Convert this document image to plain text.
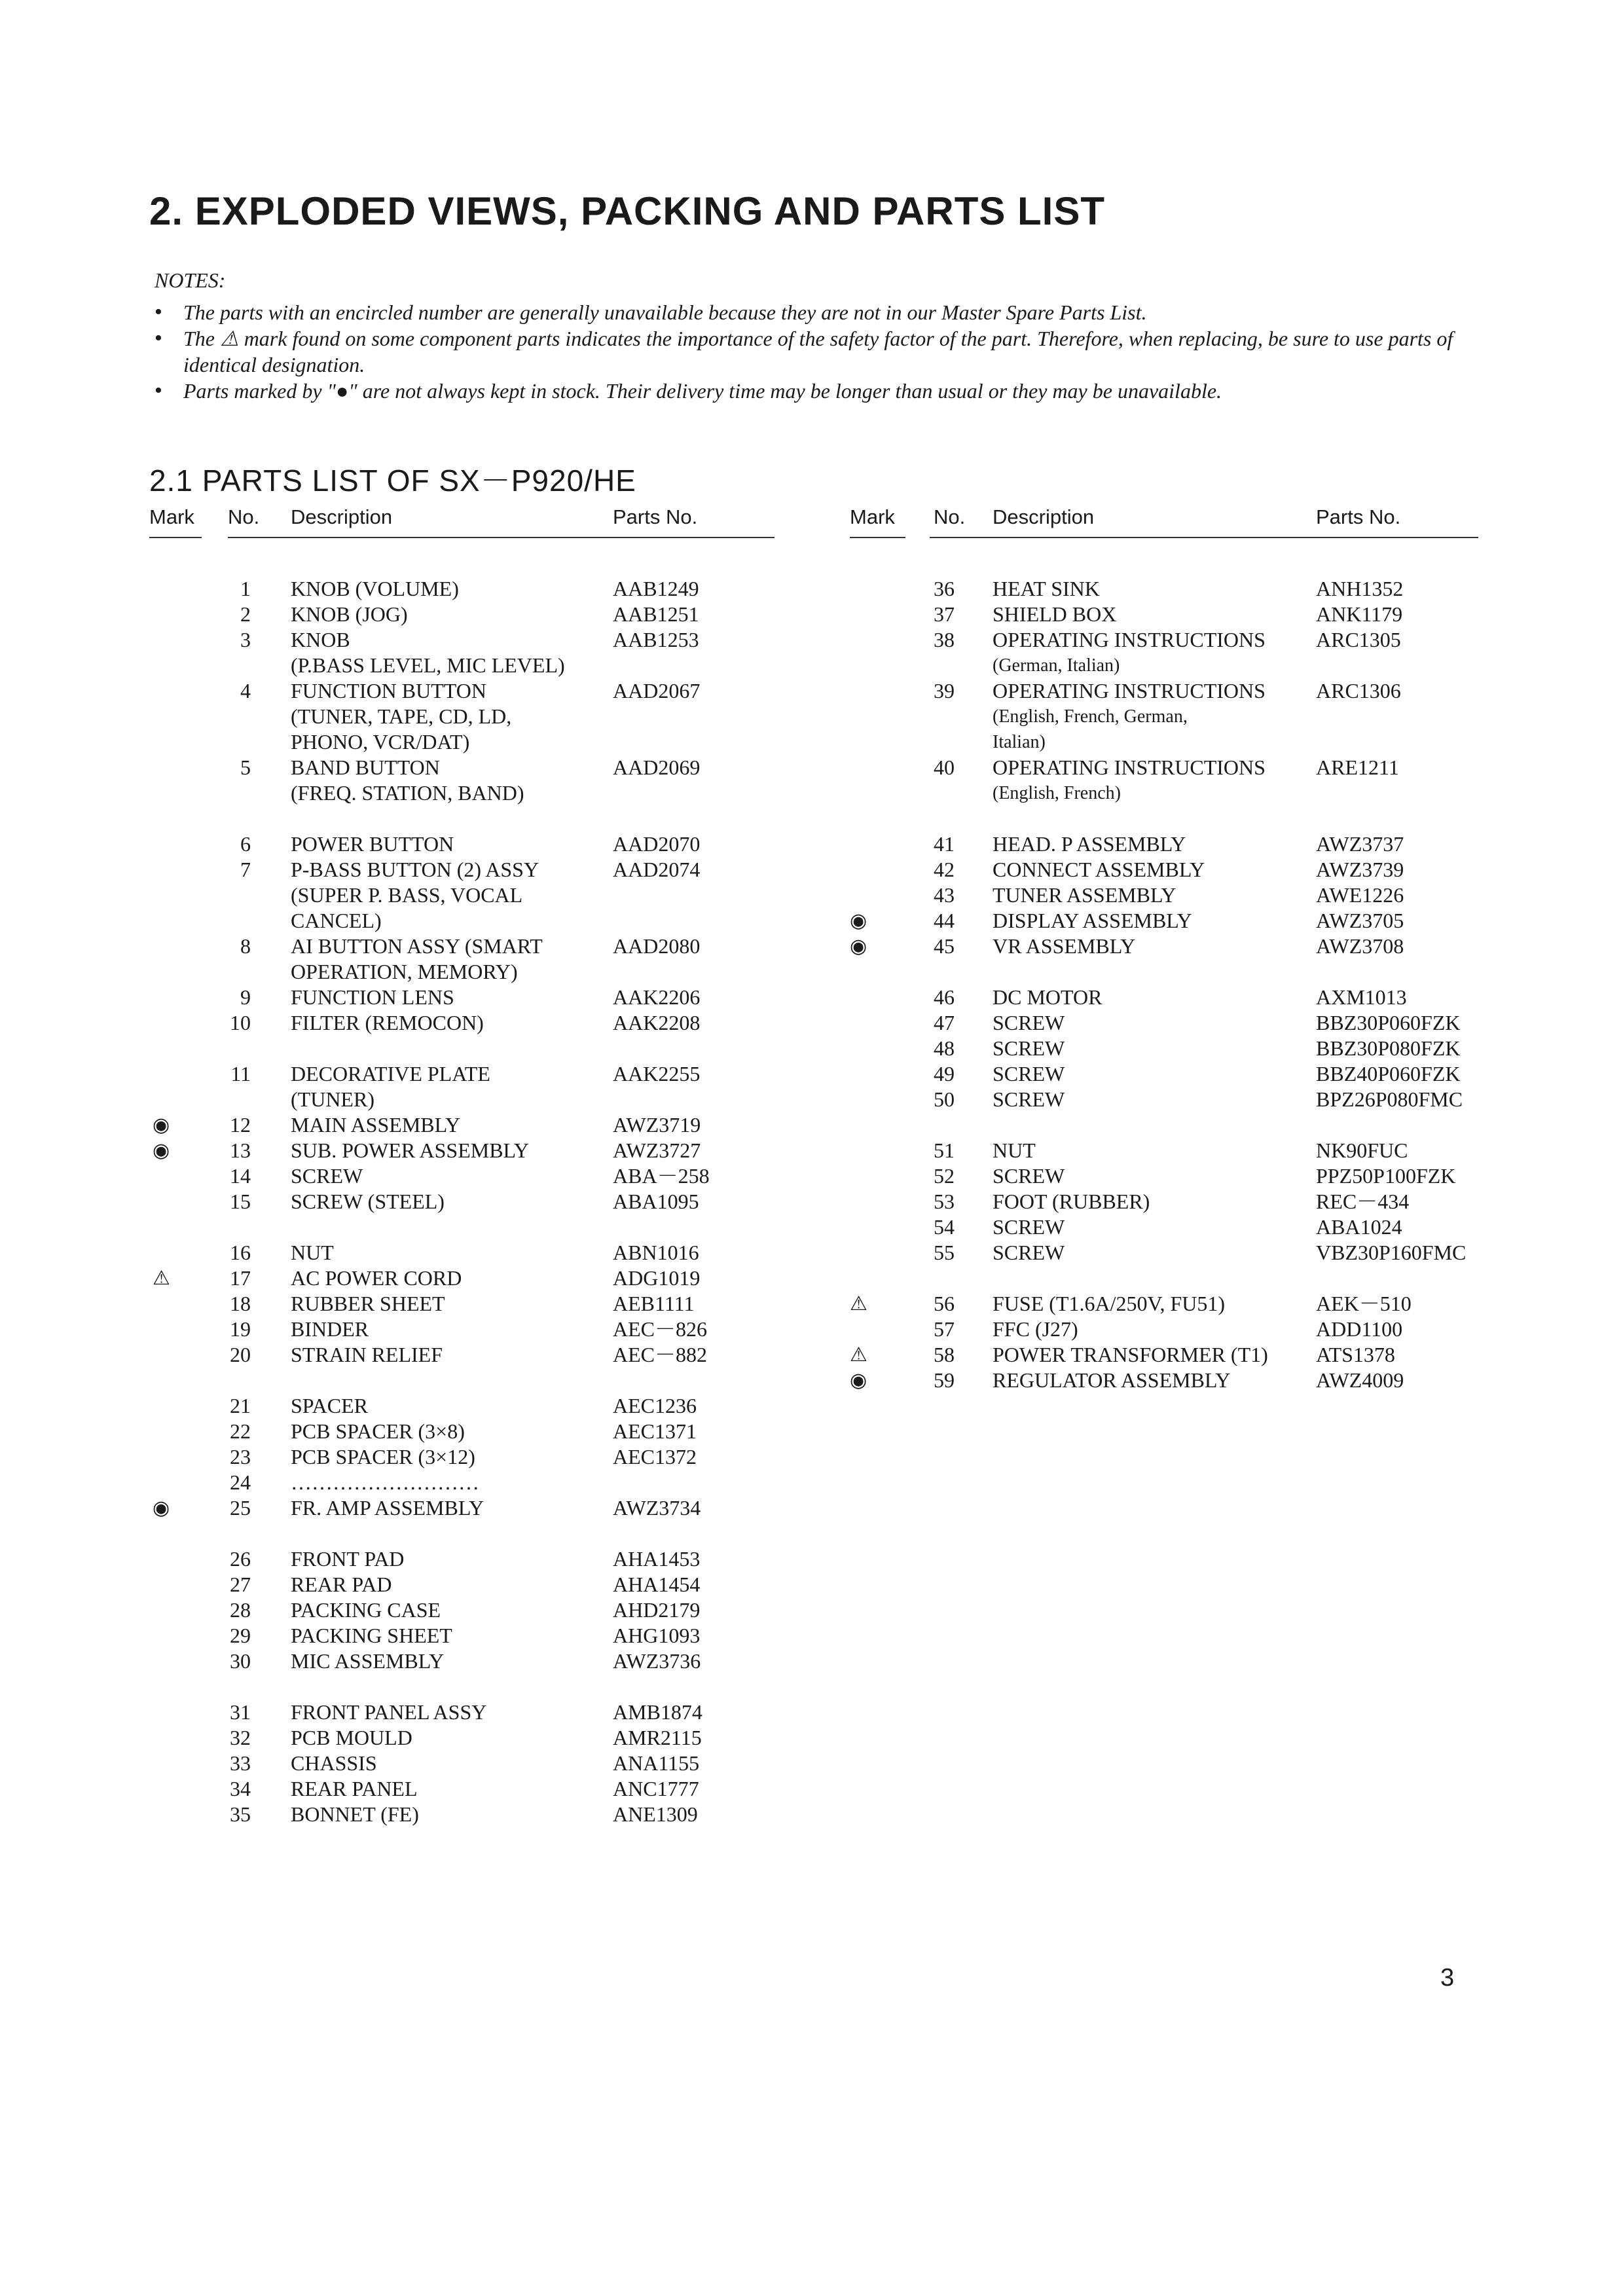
2. EXPLODED VIEWS, PACKING AND PARTS LIST
NOTES:
• The parts with an encircled number are generally unavailable because they are not in our Master Spare Parts List.
• The ⚠ mark found on some component parts indicates the importance of the safety factor of the part. Therefore, when replacing, be sure to use parts of identical designation.
• Parts marked by "●" are not always kept in stock. Their delivery time may be longer than usual or they may be unavailable.
2.1 PARTS LIST OF SX－P920/HE
Mark No. Description	Parts No.
1 KNOB (VOLUME)	AAB1249
2 KNOB (JOG)	AAB1251
3 KNOB	AAB1253
(P.BASS LEVEL, MIC LEVEL)
4 FUNCTION BUTTON	AAD2067
(TUNER, TAPE, CD, LD,
PHONO, VCR/DAT)
5 BAND BUTTON	AAD2069
(FREQ. STATION, BAND)
6 POWER BUTTON	AAD2070
7 P-BASS BUTTON (2) ASSY	AAD2074
(SUPER P. BASS, VOCAL
CANCEL)
8 AI BUTTON ASSY (SMART	AAD2080
OPERATION, MEMORY)
9 FUNCTION LENS	AAK2206
10 FILTER (REMOCON)	AAK2208
11 DECORATIVE PLATE	AAK2255
(TUNER)
◉	12 MAIN ASSEMBLY	AWZ3719
◉	13 SUB. POWER ASSEMBLY	AWZ3727
14 SCREW	ABA－258
15 SCREW (STEEL)	ABA1095
16 NUT	ABN1016
⚠	17 AC POWER CORD	ADG1019
18 RUBBER SHEET	AEB1111
19 BINDER	AEC－826
20 STRAIN RELIEF	AEC－882
21 SPACER	AEC1236
22 PCB SPACER (3×8)	AEC1371
23 PCB SPACER (3×12)	AEC1372
24 ………………………
◉	25 FR. AMP ASSEMBLY	AWZ3734
26 FRONT PAD	AHA1453
27 REAR PAD	AHA1454
28 PACKING CASE	AHD2179
29 PACKING SHEET	AHG1093
30 MIC ASSEMBLY	AWZ3736
31 FRONT PANEL ASSY	AMB1874
32 PCB MOULD	AMR2115
33 CHASSIS	ANA1155
34 REAR PANEL	ANC1777
35 BONNET (FE)	ANE1309
Mark No. Description	Parts No.
36 HEAT SINK	ANH1352
37 SHIELD BOX	ANK1179
38 OPERATING INSTRUCTIONS ARC1305
(German, Italian)
39 OPERATING INSTRUCTIONS ARC1306
(English, French, German,
Italian)
40 OPERATING INSTRUCTIONS ARE1211
(English, French)
41 HEAD. P ASSEMBLY	AWZ3737
42 CONNECT ASSEMBLY	AWZ3739
43 TUNER ASSEMBLY	AWE1226
◉	44 DISPLAY ASSEMBLY	AWZ3705
◉	45 VR ASSEMBLY	AWZ3708
46 DC MOTOR	AXM1013
47 SCREW	BBZ30P060FZK
48 SCREW	BBZ30P080FZK
49 SCREW	BBZ40P060FZK
50 SCREW	BPZ26P080FMC
51 NUT	NK90FUC
52 SCREW	PPZ50P100FZK
53 FOOT (RUBBER)	REC－434
54 SCREW	ABA1024
55 SCREW	VBZ30P160FMC
⚠	56 FUSE (T1.6A/250V, FU51)	AEK－510
57 FFC (J27)	ADD1100
⚠	58 POWER TRANSFORMER (T1) ATS1378
◉	59 REGULATOR ASSEMBLY	AWZ4009
3
